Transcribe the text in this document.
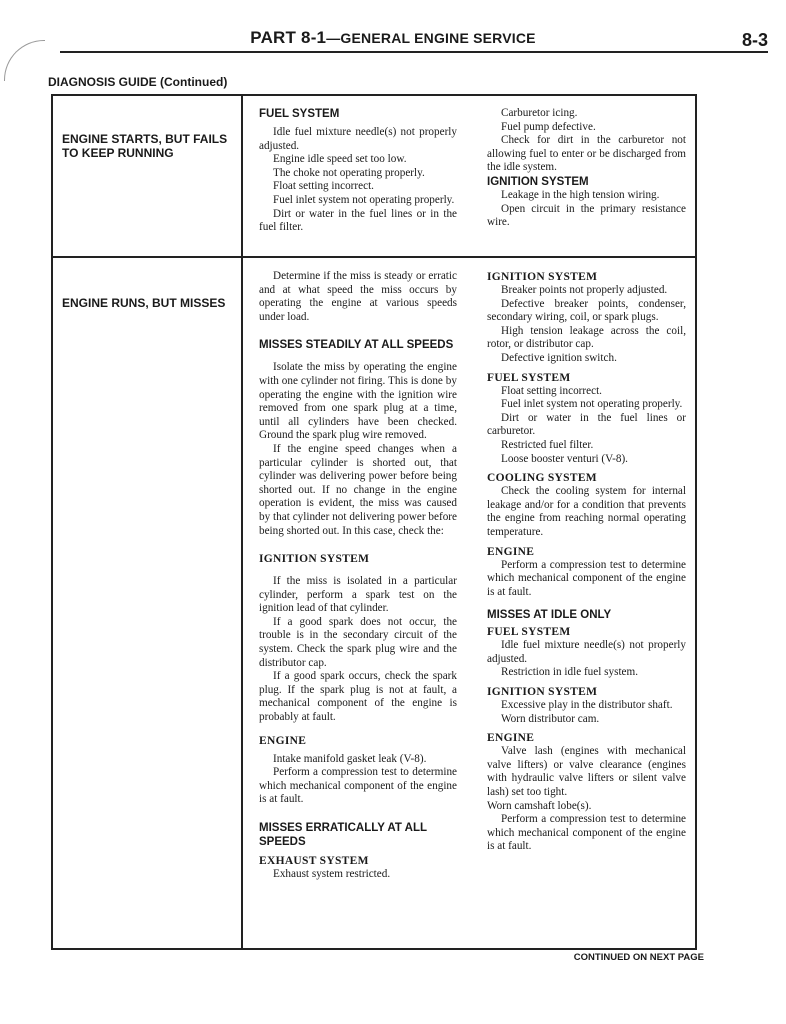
PART 8-1—GENERAL ENGINE SERVICE	8-3
DIAGNOSIS GUIDE (Continued)
ENGINE STARTS, BUT FAILS TO KEEP RUNNING
FUEL SYSTEM

Idle fuel mixture needle(s) not properly adjusted.

Engine idle speed set too low.

The choke not operating properly.

Float setting incorrect.

Fuel inlet system not operating properly.

Dirt or water in the fuel lines or in the fuel filter.

Carburetor icing.

Fuel pump defective.

Check for dirt in the carburetor not allowing fuel to enter or be discharged from the idle system.

IGNITION SYSTEM

Leakage in the high tension wiring.

Open circuit in the primary resistance wire.

ENGINE RUNS, BUT MISSES

Determine if the miss is steady or erratic and at what speed the miss occurs by operating the engine at various speeds under load.

MISSES STEADILY AT ALL SPEEDS

Isolate the miss by operating the engine with one cylinder not firing. This is done by operating the engine with the ignition wire removed from one spark plug at a time, until all cylinders have been checked. Ground the spark plug wire removed.

If the engine speed changes when a particular cylinder is shorted out, that cylinder was delivering power before being shorted out. If no change in the engine operation is evident, the miss was caused by that cylinder not delivering power before being shorted out. In this case, check the:

IGNITION SYSTEM

If the miss is isolated in a particular cylinder, perform a spark test on the ignition lead of that cylinder.

If a good spark does not occur, the trouble is in the secondary circuit of the system. Check the spark plug wire and the distributor cap.

If a good spark occurs, check the spark plug. If the spark plug is not at fault, a mechanical component of the engine is probably at fault.

ENGINE

Intake manifold gasket leak (V-8).

Perform a compression test to determine which mechanical component of the engine is at fault.

MISSES ERRATICALLY AT ALL SPEEDS
EXHAUST SYSTEM

Exhaust system restricted.

IGNITION SYSTEM

Breaker points not properly adjusted.

Defective breaker points, condenser, secondary wiring, coil, or spark plugs.

High tension leakage across the coil, rotor, or distributor cap.

Defective ignition switch.

FUEL SYSTEM

Float setting incorrect.

Fuel inlet system not operating properly.

Dirt or water in the fuel lines or carburetor.

Restricted fuel filter.

Loose booster venturi (V-8).

COOLING SYSTEM

Check the cooling system for internal leakage and/or for a condition that prevents the engine from reaching normal operating temperature.

ENGINE

Perform a compression test to determine which mechanical component of the engine is at fault.

MISSES AT IDLE ONLY
FUEL SYSTEM

Idle fuel mixture needle(s) not properly adjusted.

Restriction in idle fuel system.

IGNITION SYSTEM

Excessive play in the distributor shaft.

Worn distributor cam.

ENGINE

Valve lash (engines with mechanical valve lifters) or valve clearance (engines with hydraulic valve lifters or silent valve lash) set too tight.

Worn camshaft lobe(s).

Perform a compression test to determine which mechanical component of the engine is at fault.

CONTINUED ON NEXT PAGE
